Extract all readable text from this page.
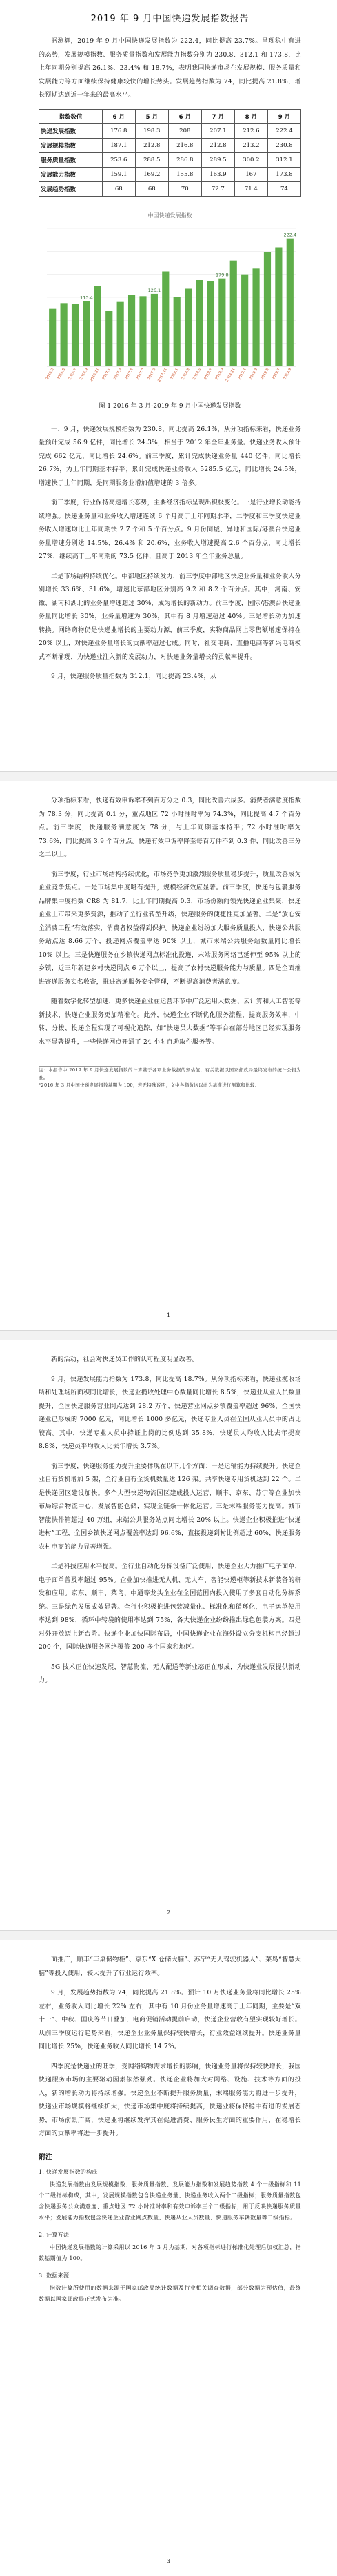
2019 年 9 月中国快递发展指数报告

据测算，2019 年 9 月中国快递发展指数为 222.4，同比提高 23.7%。呈现稳中有进的态势，发展规模指数、服务质量指数和发展能力指数分别为 230.8、312.1 和 173.8，比上年同期分别提高 26.1%、23.4% 和 18.7%，表明我国快递市场在发展规模、服务质量和发展能力等方面继续保持健康较快的增长势头。发展趋势指数为 74，同比提高 21.8%，增长预期达到近一年来的最高水平。

指数数值	6 月	5 月	6 月	7 月	8 月	9 月
快递发展指数	176.8	198.3	208	207.1	212.6	222.4
发展规模指数	187.1	212.8	216.8	212.8	213.2	230.8
服务质量指数	253.6	288.5	286.8	289.5	300.2	312.1
发展能力指数	159.1	169.2	155.8	163.9	167	173.8
发展趋势指数	68	68	70	72.7	71.4	74
中国快递发展指数
2016.3 2016.5 2016.7 2016.9 2016.11 2017.1 2017.3 2017.5 2017.7 2017.9 2017.11 2018.1 2018.3 2018.5 2018.7 2018.9 2018.11 2019.1 2019.3 2019.5 2019.7 2019.9
113.4
126.1
179.8
222.4
图 1 2016 年 3 月-2019 年 9 月中国快递发展指数

一、9 月，快递发展规模指数为 230.8，同比提高 26.1%，从分项指标来看，快递业务量预计完成 56.9 亿件，同比增长 24.3%，相当于 2012 年全年业务量。快递业务收入预计完成 662 亿元，同比增长 24.6%。前三季度，累计完成快递业务量 440 亿件，同比增长 26.7%，为上年同期基本持平；累计完成快递业务收入 5285.5 亿元，同比增长 24.5%，增速快于上年同期，是同期服务业增加值增速的 3 倍多。

前三季度，行业保持高速增长态势，主要经济指标呈现出积极变化。一是行业增长动能持续增强。快递业务量和业务收入增速连续 6 个月高于上年同期水平，二季度和三季度快递业务收入增速均比上年同期快 2.7 个和 5 个百分点。9 月份同城、异地和国际/港澳台快递业务量增速分别达 14.5%、26.4% 和 20.6%，业务收入增速提高 2.6 个百分点，同比增长 27%，继续高于上年同期的 73.5 亿件，且高于 2013 年全年业务总量。

二是市场结构持续优化。中部地区持续发力，前三季度中部地区快递业务量和业务收入分别增长 33.6%、31.6%，增速比东部地区分别高 9.2 和 8.2 个百分点。其中，河南、安徽、湖南和湖北的业务量增速超过 30%，成为增长的新动力。前三季度，国际/港澳台快递业务量同比增长 30%，业务量增速为 30%，其中有 8 月增速超过 40%。三是增长动力加速转换。网络购物仍是快递业增长的主要动力源，前三季度，实物商品网上零售额增速保持在 20% 以上，对快递业务量增长的贡献率超过七成。同时，社交电商、直播电商等新兴电商模式不断涌现，为快递业注入新的发展动力，对快递业务量增长的贡献率提升。

9 月，快递服务质量指数为 312.1，同比提高 23.4%，从

分项指标来看，快递有效申诉率不到百万分之 0.3，同比改善六成多。消费者满意度指数为 78.3 分，同比提高 0.1 分，重点地区 72 小时准时率为 74.3%，同比提高 4.7 个百分点。前三季度，快递服务满意度为 78 分，与上年同期基本持平；72 小时准时率为 73.6%，同比提高 3.9 个百分点。快递有效申诉率降至每百万件不到 0.3 件，同比改善三分之二以上。

前三季度，行业市场结构持续优化，市场竞争更加激烈服务质量稳步提升，质量改善成为企业竞争焦点。一是市场集中度略有提升，规模经济效应显著。前三季度，快递与包裹服务品牌集中度指数 CR8 为 81.7，比上年同期提高 0.3，市场份额向领先快递企业集聚，快递企业上市带来更多资源，推动了全行业转型升级，快递服务的便捷性更加显著。二是“放心安全消费工程”有效落实，消费者权益得到保护。快递企业纷纷加大服务质量投入，快递公共服务站点达 8.66 万个，投递网点覆盖率达 90% 以上，城市末端公共服务站数量同比增长 10% 以上。三是快递服务在乡镇快递网点标准化投递，末端服务网络已延伸至 95% 以上的乡镇，近三年新建乡村快递网点 6 万个以上，提高了农村快递服务能力与质量。四是全面推进寄递服务实名收寄，推进寄递服务安全管理，不断提高消费者满意度。

随着数字化转型加速，更多快递企业在运营环节中广泛运用大数据、云计算和人工智能等新技术，快递企业服务更加精准化。此外，快递企业不断优化服务流程，提高服务效率，中转、分拨、投递全程实现了可视化追踪，如“快递员大数据”等平台在部分地区已经实现服务水平显著提升，一些快递网点开通了 24 小时自助取件服务等。

注：本报告中 2019 年 9 月快递发展指数的计算基于各项业务数据的预估值，有关数据以国家邮政局最终发布的统计公报为准。

*2016 年 3 月中国快递发展指数基期为 100，若无特殊说明，文中各指数均以此为基准进行测算和比较。

1

新的活动，社会对快递员工作的认可程度明显改善。

9 月，快递发展能力指数为 173.8，同比提高 18.7%。从分项指标来看，快递业揽收场所和处理场所面积同比增长，快递业揽收处理中心数量同比增长 8.5%，快递业从业人员数量提升，全国快递服务营业网点达到 28.2 万个，快递营业网点乡镇覆盖率超过 96%，全国快递业已形成的 7000 亿元，同比增长 1000 多亿元，快递专业人员在全国从业人员中的占比较高。其中，快递专业人员中持证上岗的比例达到 35.8%，快递员人均收入比去年提高 8.8%，快递员平均收入比去年增长 3.7%。

前三季度，快递服务能力提升主要体现在以下几个方面：一是运输能力持续提升。快递企业自有货机增加 5 架，全行业自有全货机数量达 126 架。共享快递专用货机达到 22 个。二是快递园区建设加快。多个大型快递物流园区建成投入运营，顺丰、京东、苏宁等企业加快布局综合物流中心，发展智能仓储，实现全链条一体化运营。三是末端服务能力提高。城市智能快件箱超过 40 万组，末端公共服务站点同比增长 20% 以上。快递企业积极推进“快递进村”工程，全国乡镇快递网点覆盖率达到 96.6%，直接投递到村比例超过 60%，快递服务农村电商的能力显著增强。

二是科技应用水平提高。全行业自动化分拣设备广泛使用，快递企业大力推广电子面单，电子面单普及率超过 95%。企业加快推进无人机、无人车、智能快递柜等新技术新装备的研发和应用。京东、顺丰、菜鸟、中通等龙头企业在全国范围内投入使用了多套自动化分拣系统。三是绿色发展成效显著。全行业积极推进包装减量化、标准化和循环化，电子运单使用率达到 98%，循环中转袋的使用率达到 75%，各大快递企业纷纷推出绿色包装方案。四是对外开放迈上新台阶。快递企业加快国际布局，中国快递企业在海外设立分支机构已经超过 200 个，国际快递服务网络覆盖 200 多个国家和地区。

5G 技术正在快速发展，智慧物流、无人配送等新业态正在形成，为快递业发展提供新动力。

2

面推广，顺丰“丰巢储物柜”、京东“X 仓储大脑”、苏宁“无人驾驶机器人”、菜鸟“智慧大脑”等投入使用，较大提升了行业运行效率。

9 月，发展趋势指数为 74，同比提高 21.8%。预计 10 月快递业务量将同比增长 25% 左右，业务收入同比增长 22% 左右，其中有 10 月份业务量增速高于上年同期，主要是“双十一”、中秋、国庆等节日叠加，电商促销活动提前启动，快递企业营收有望实现较好增长。从前三季度运行趋势来看，快递企业业务量保持较快增长，行业效益继续提升。快递业务量同比增长 25%，快递业务收入同比增长 14.7%。

四季度是快递业的旺季，受网络购物需求增长的影响，快递业务量将保持较快增长，我国快递服务市场的主要驱动因素依然强劲。快递企业将加大对网络、设施、技术等方面的投入，新的增长动力将持续增强。快递企业不断提升服务质量，末端服务能力将进一步提升，快递业市场规模将继续扩大，快递市场集中度将持续提高，快递业将保持稳中有进的发展态势，市场前景广阔，快递业将继续发挥其在促进消费、服务民生方面的重要作用，在稳增长方面的贡献率将进一步提升。

附注

1. 快递发展指数的构成

快递发展指数由发展规模指数、服务质量指数、发展能力指数和发展趋势指数 4 个一级指标和 11 个二级指标构成，其中，发展规模指数包含快递业务量、快递业务收入两个二级指标；服务质量指数包含快递服务公众满意度、重点地区 72 小时准时率和有效申诉率三个二级指标，用于反映快递服务质量水平；发展能力指数包含快递企业营业网点数量、快递从业人员数量、快递服务车辆数量等二级指标。

2. 计算方法

中国快递发展指数的计算采用以 2016 年 3 月为基期，对各项指标进行标准化处理后加权汇总，指数基期值为 100。

3. 数据来源

指数计算所使用的数据来源于国家邮政局统计数据及行业相关调查数据，部分数据为预估值，最终数据以国家邮政局正式发布为准。

3
